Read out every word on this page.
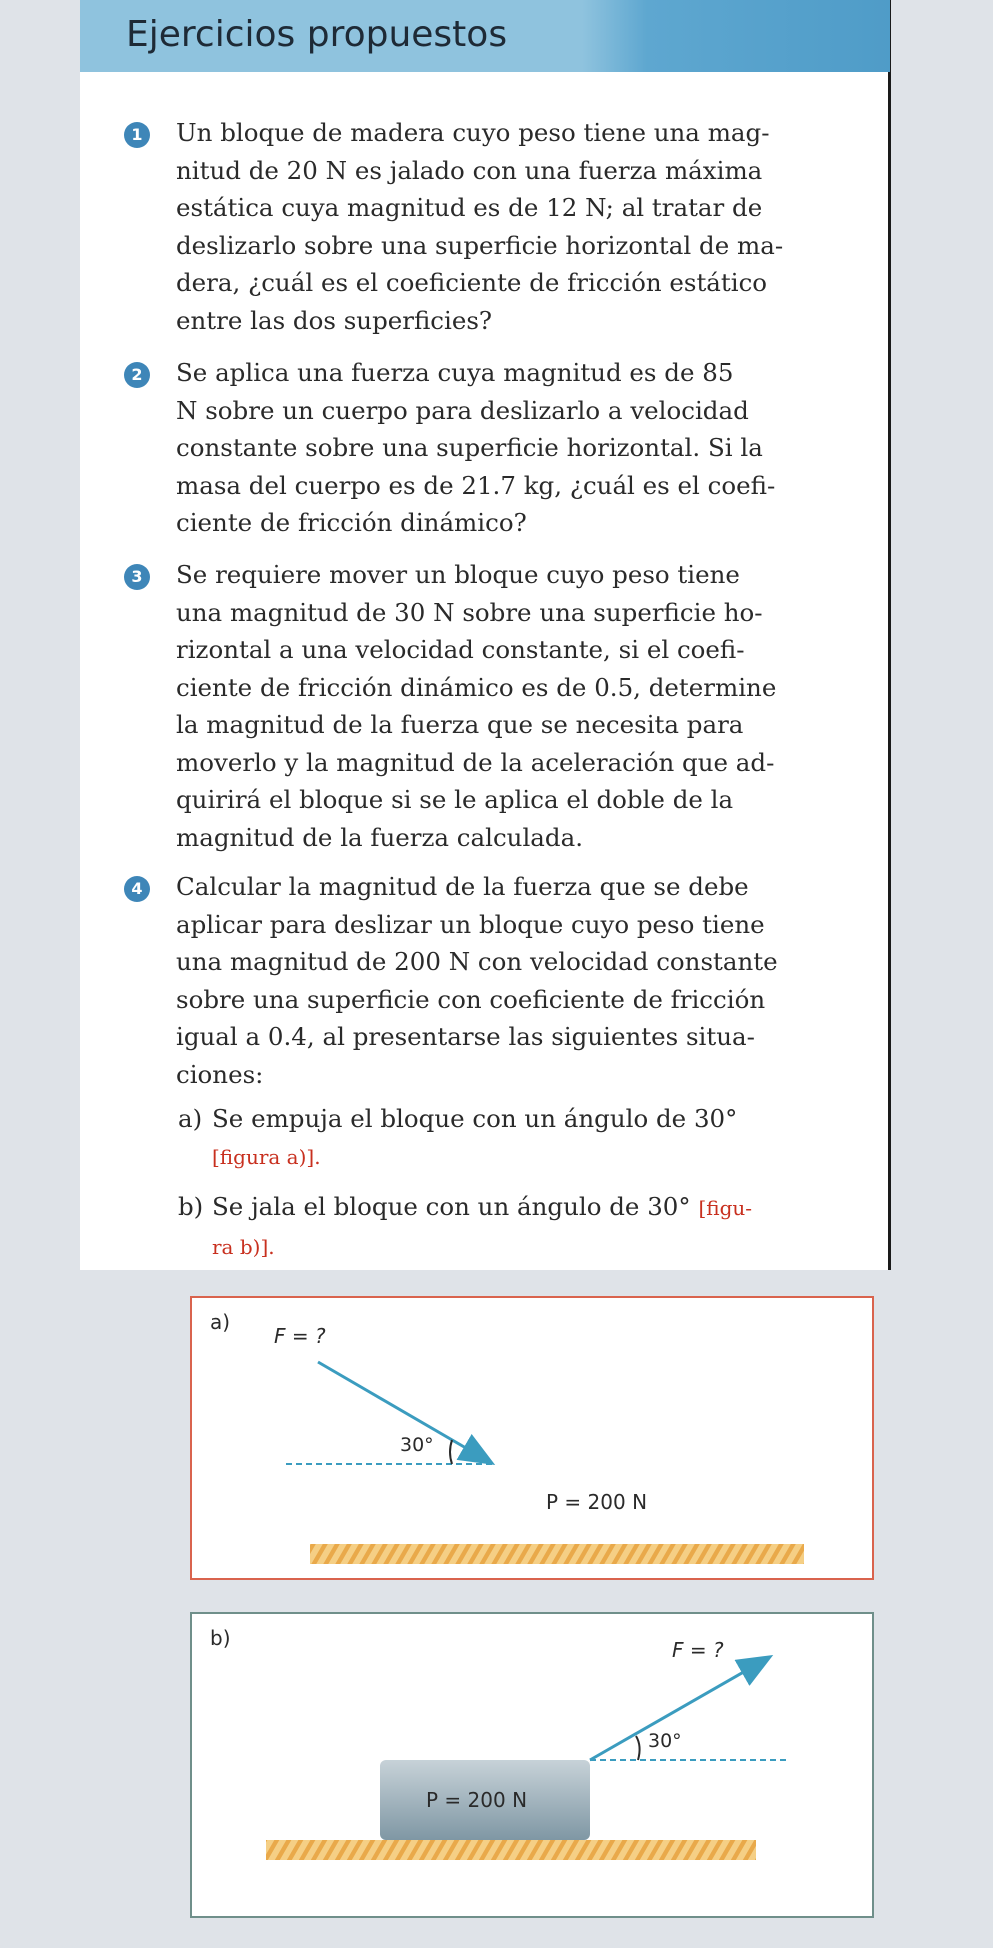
Ejercicios propuestos
1	Un bloque de madera cuyo peso tiene una mag-
nitud de 20 N es jalado con una fuerza máxima
estática cuya magnitud es de 12 N; al tratar de
deslizarlo sobre una superficie horizontal de ma-
dera, ¿cuál es el coeficiente de fricción estático
entre las dos superficies?
2	Se aplica una fuerza cuya magnitud es de 85
N sobre un cuerpo para deslizarlo a velocidad
constante sobre una superficie horizontal. Si la
masa del cuerpo es de 21.7 kg, ¿cuál es el coefi-
ciente de fricción dinámico?
3	Se requiere mover un bloque cuyo peso tiene
una magnitud de 30 N sobre una superficie ho-
rizontal a una velocidad constante, si el coefi-
ciente de fricción dinámico es de 0.5, determine
la magnitud de la fuerza que se necesita para
moverlo y la magnitud de la aceleración que ad-
quirirá el bloque si se le aplica el doble de la
magnitud de la fuerza calculada.
4	Calcular la magnitud de la fuerza que se debe
aplicar para deslizar un bloque cuyo peso tiene
una magnitud de 200 N con velocidad constante
sobre una superficie con coeficiente de fricción
igual a 0.4, al presentarse las siguientes situa-
ciones:
a) Se empuja el bloque con un ángulo de 30°
[figura a)].
b) Se jala el bloque con un ángulo de 30° [figu-
ra b)].
a)
F = ?
30°
P = 200 N
b)	F = ?
30°
P = 200 N
